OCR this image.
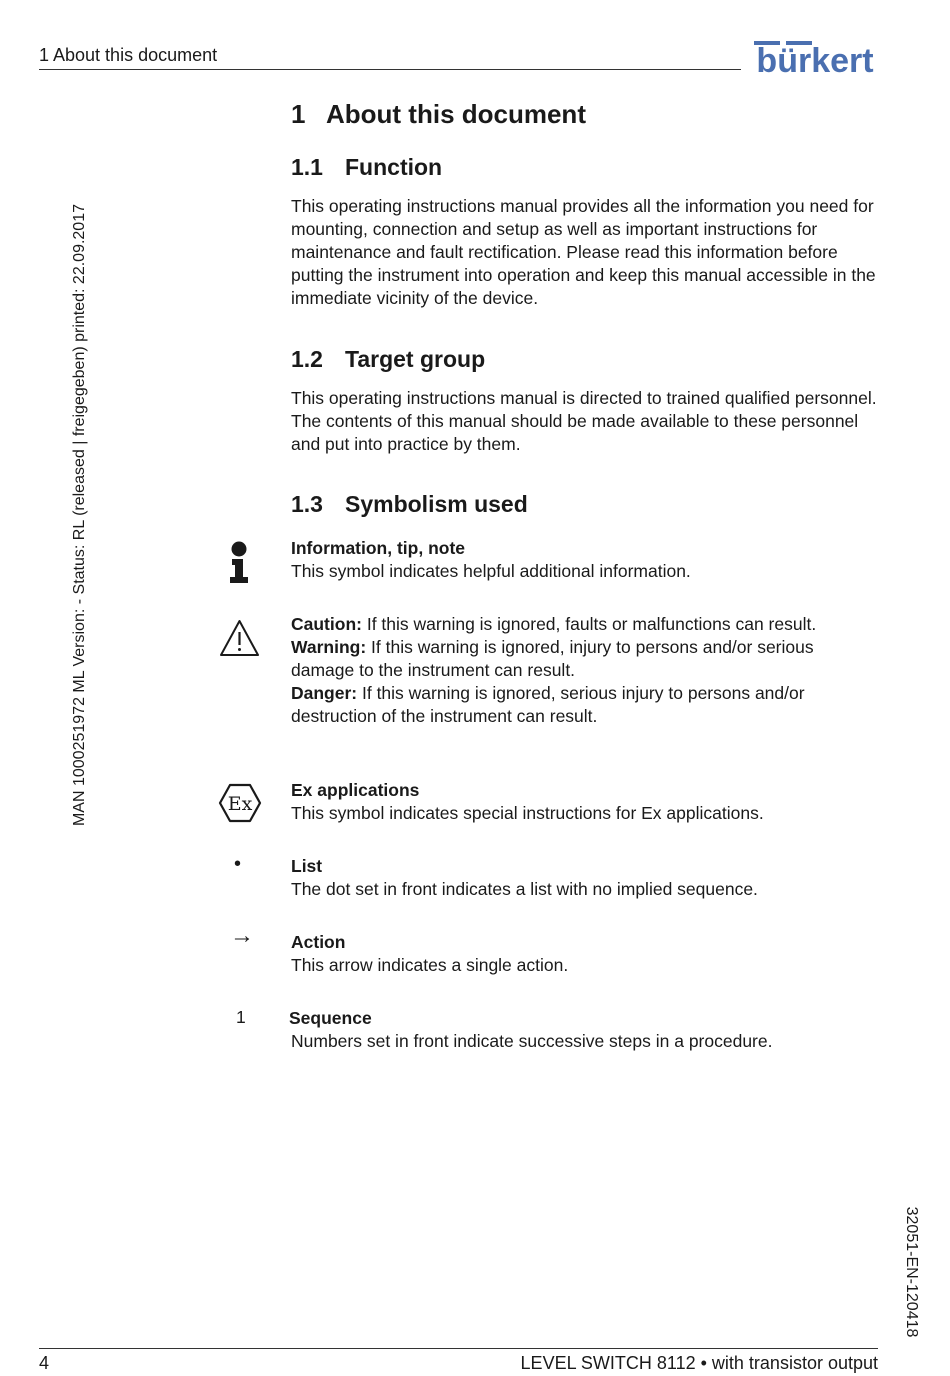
1 About this document	bürkert
MAN 1000251972 ML Version: - Status: RL (released | freigegeben) printed: 22.09.2017
32051-EN-120418
1 About this document
1.1 Function
This operating instructions manual provides all the information you need for mounting, connection and setup as well as important instructions for maintenance and fault rectification. Please read this information before putting the instrument into operation and keep this manual accessible in the immediate vicinity of the device.
1.2 Target group
This operating instructions manual is directed to trained qualified personnel. The contents of this manual should be made available to these personnel and put into practice by them.
1.3 Symbolism used
Information, tip, note
This symbol indicates helpful additional information.
Caution: If this warning is ignored, faults or malfunctions can result.
Warning: If this warning is ignored, injury to persons and/or serious damage to the instrument can result.
Danger: If this warning is ignored, serious injury to persons and/or destruction of the instrument can result.
Ex
Ex applications
This symbol indicates special instructions for Ex applications.
•	List
The dot set in front indicates a list with no implied sequence.
→ Action
This arrow indicates a single action.
1 Sequence
Numbers set in front indicate successive steps in a procedure.
4	LEVEL SWITCH 8112 • with transistor output
